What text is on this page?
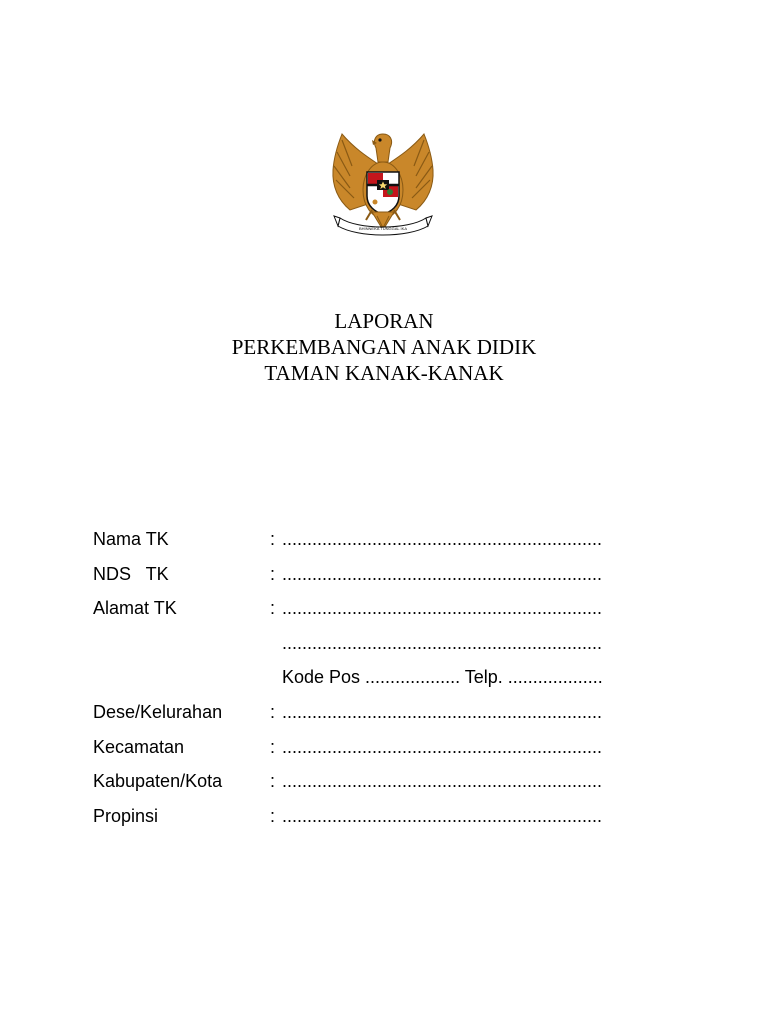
BHINNEKA TUNGGAL IKA
LAPORAN
PERKEMBANGAN ANAK DIDIK
TAMAN KANAK-KANAK
Nama TK	: ................................................................
NDS   TK	: ................................................................
Alamat TK	: ................................................................
................................................................
Kode Pos ................... Telp. ...................
Dese/Kelurahan	: ................................................................
Kecamatan	: ................................................................
Kabupaten/Kota	: ................................................................
Propinsi	: ................................................................
